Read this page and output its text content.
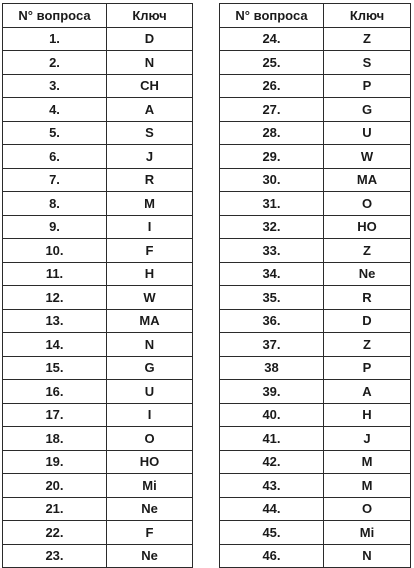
N° вопроса	Ключ
1.	D
2.	N
3.	CH
4.	A
5.	S
6.	J
7.	R
8.	M
9.	I
10.	F
11.	H
12.	W
13.	MA
14.	N
15.	G
16.	U
17.	I
18.	O
19.	HO
20.	Mi
21.	Ne
22.	F
23.	Ne
N° вопроса	Ключ
24.	Z
25.	S
26.	P
27.	G
28.	U
29.	W
30.	MA
31.	O
32.	HO
33.	Z
34.	Ne
35.	R
36.	D
37.	Z
38	P
39.	A
40.	H
41.	J
42.	M
43.	M
44.	O
45.	Mi
46.	N
